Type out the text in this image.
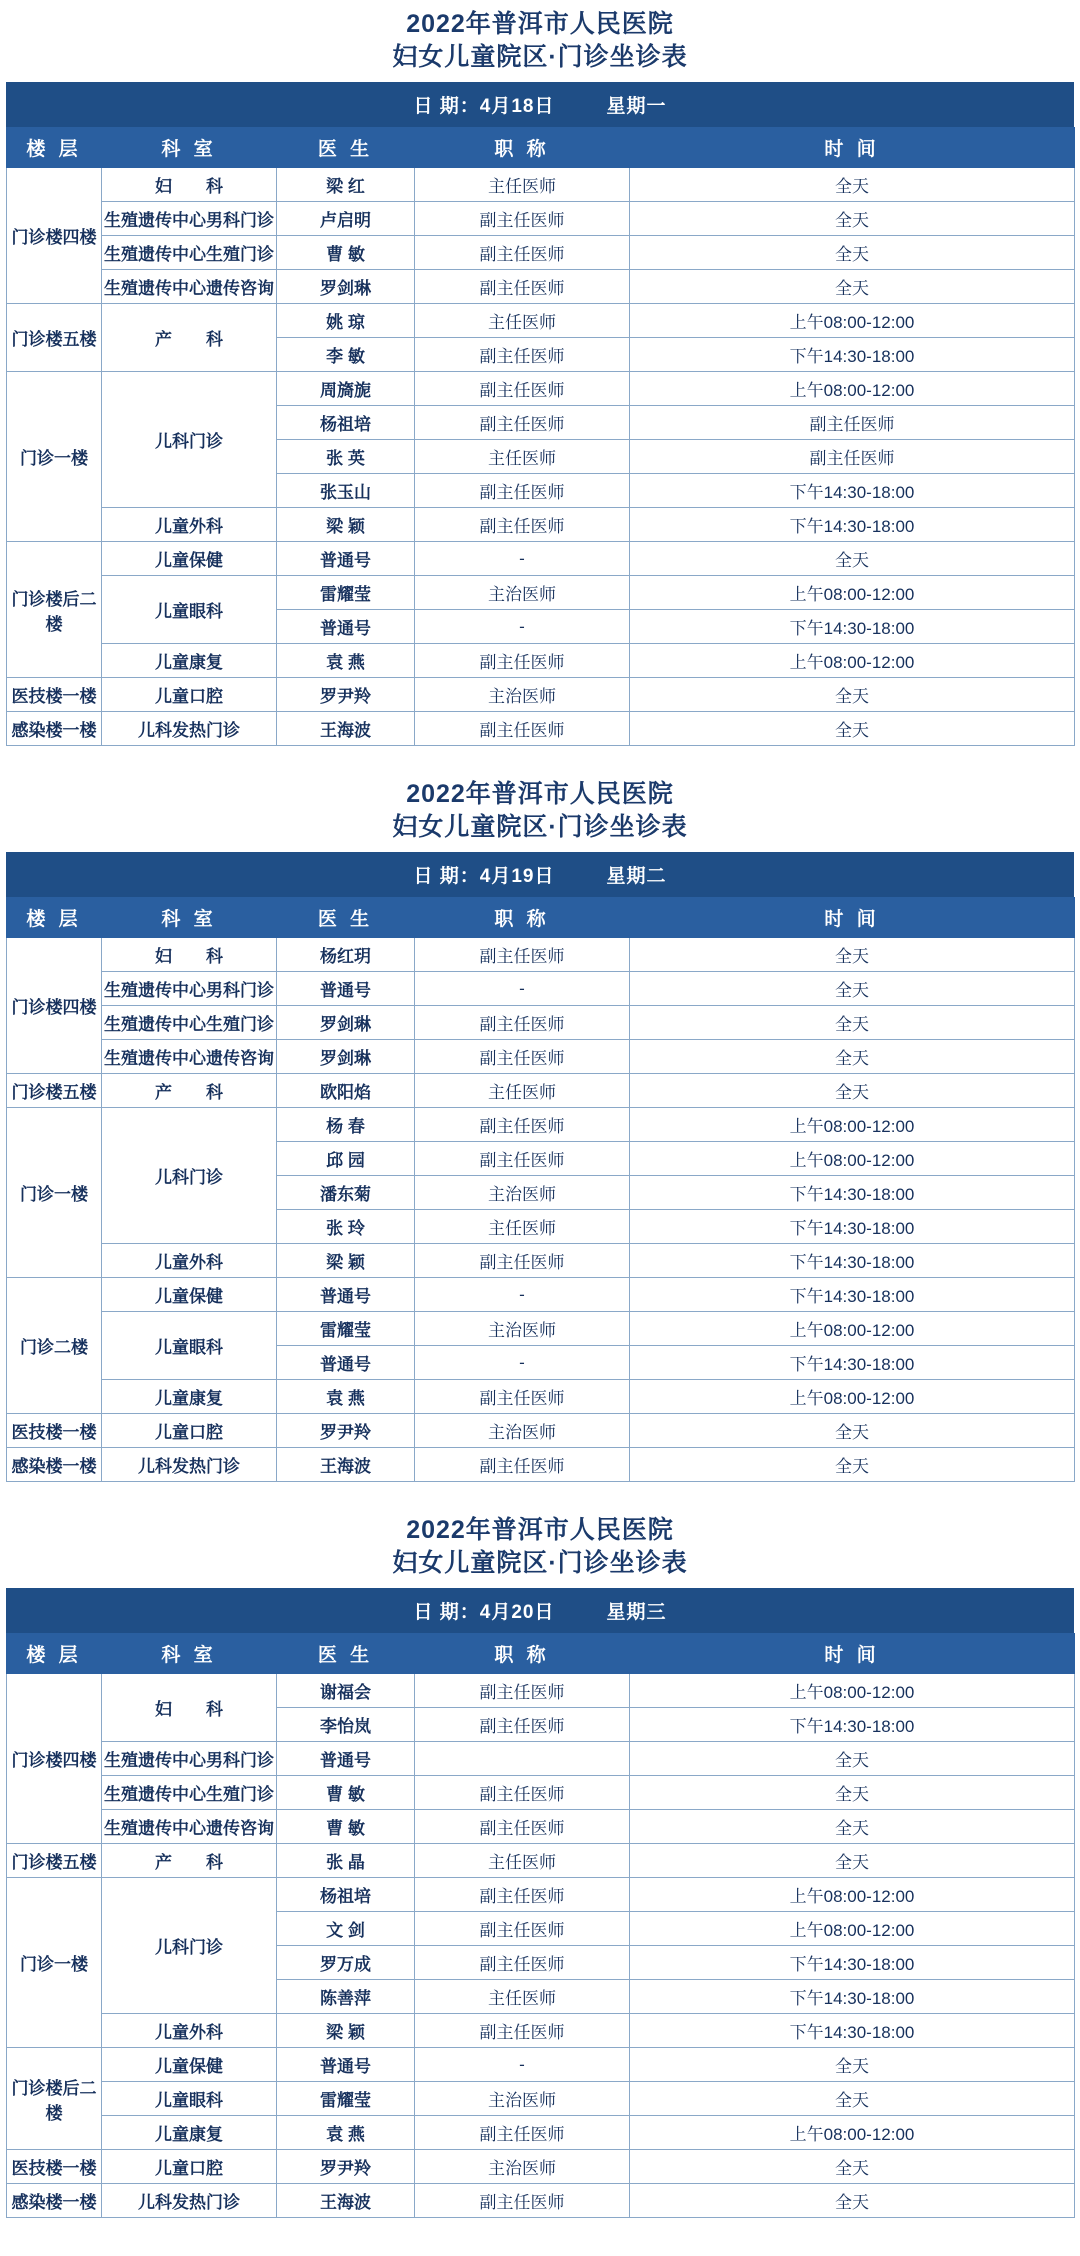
2022年普洱市人民医院
妇女儿童院区·门诊坐诊表
日 期：4月18日	星期一
楼 层	科 室	医 生	职 称	时 间
门诊楼四楼	妇　　科	梁 红	主任医师	全天
	生殖遗传中心男科门诊	卢启明	副主任医师	全天
	生殖遗传中心生殖门诊	曹 敏	副主任医师	全天
	生殖遗传中心遗传咨询	罗剑琳	副主任医师	全天
门诊楼五楼	产　　科	姚 琼	主任医师	上午08:00-12:00
		李 敏	副主任医师	下午14:30-18:00
门诊一楼	儿科门诊	周旖旎	副主任医师	上午08:00-12:00
		杨祖培	副主任医师	副主任医师
		张 英	主任医师	副主任医师
		张玉山	副主任医师	下午14:30-18:00
	儿童外科	梁 颖	副主任医师	下午14:30-18:00
门诊楼后二楼	儿童保健	普通号	-	全天
	儿童眼科	雷耀莹	主治医师	上午08:00-12:00
		普通号	-	下午14:30-18:00
	儿童康复	袁 燕	副主任医师	上午08:00-12:00
医技楼一楼	儿童口腔	罗尹羚	主治医师	全天
感染楼一楼	儿科发热门诊	王海波	副主任医师	全天
2022年普洱市人民医院
妇女儿童院区·门诊坐诊表
日 期：4月19日	星期二
楼 层	科 室	医 生	职 称	时 间
门诊楼四楼	妇　　科	杨红玥	副主任医师	全天
	生殖遗传中心男科门诊	普通号	-	全天
	生殖遗传中心生殖门诊	罗剑琳	副主任医师	全天
	生殖遗传中心遗传咨询	罗剑琳	副主任医师	全天
门诊楼五楼	产　　科	欧阳焰	主任医师	全天
门诊一楼	儿科门诊	杨 春	副主任医师	上午08:00-12:00
		邱 园	副主任医师	上午08:00-12:00
		潘东菊	主治医师	下午14:30-18:00
		张 玲	主任医师	下午14:30-18:00
	儿童外科	梁 颖	副主任医师	下午14:30-18:00
门诊二楼	儿童保健	普通号	-	下午14:30-18:00
	儿童眼科	雷耀莹	主治医师	上午08:00-12:00
		普通号	-	下午14:30-18:00
	儿童康复	袁 燕	副主任医师	上午08:00-12:00
医技楼一楼	儿童口腔	罗尹羚	主治医师	全天
感染楼一楼	儿科发热门诊	王海波	副主任医师	全天
2022年普洱市人民医院
妇女儿童院区·门诊坐诊表
日 期：4月20日	星期三
楼 层	科 室	医 生	职 称	时 间
门诊楼四楼	妇　　科	谢福会	副主任医师	上午08:00-12:00
		李怡岚	副主任医师	下午14:30-18:00
	生殖遗传中心男科门诊	普通号		全天
	生殖遗传中心生殖门诊	曹 敏	副主任医师	全天
	生殖遗传中心遗传咨询	曹 敏	副主任医师	全天
门诊楼五楼	产　　科	张 晶	主任医师	全天
门诊一楼	儿科门诊	杨祖培	副主任医师	上午08:00-12:00
		文 剑	副主任医师	上午08:00-12:00
		罗万成	副主任医师	下午14:30-18:00
		陈善萍	主任医师	下午14:30-18:00
	儿童外科	梁 颖	副主任医师	下午14:30-18:00
门诊楼后二楼	儿童保健	普通号	-	全天
	儿童眼科	雷耀莹	主治医师	全天
	儿童康复	袁 燕	副主任医师	上午08:00-12:00
医技楼一楼	儿童口腔	罗尹羚	主治医师	全天
感染楼一楼	儿科发热门诊	王海波	副主任医师	全天
